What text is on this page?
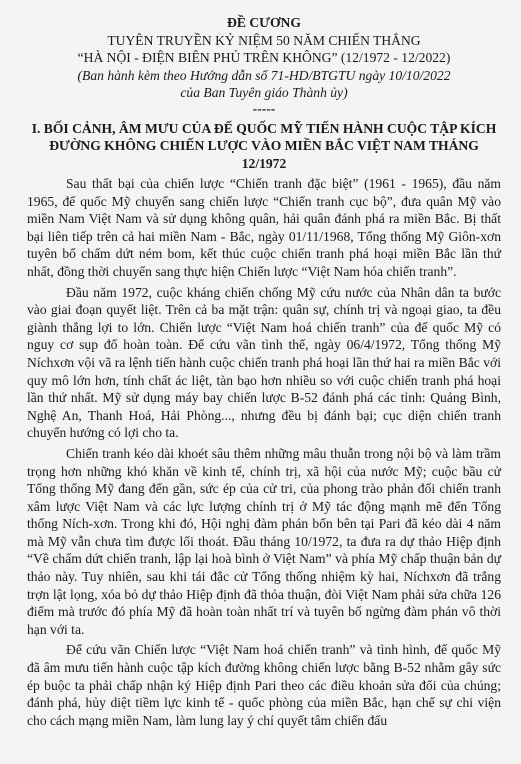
ĐỀ CƯƠNG
TUYÊN TRUYỀN KỶ NIỆM 50 NĂM CHIẾN THẮNG
“HÀ NỘI - ĐIỆN BIÊN PHỦ TRÊN KHÔNG” (12/1972 - 12/2022)
(Ban hành kèm theo Hướng dẫn số 71-HD/BTGTU ngày 10/10/2022
của Ban Tuyên giáo Thành ủy)
-----
I. BỐI CẢNH, ÂM MƯU CỦA ĐẾ QUỐC MỸ TIẾN HÀNH CUỘC TẬP KÍCH ĐƯỜNG KHÔNG CHIẾN LƯỢC VÀO MIỀN BẮC VIỆT NAM THÁNG 12/1972

Sau thất bại của chiến lược “Chiến tranh đặc biệt” (1961 - 1965), đầu năm 1965, đế quốc Mỹ chuyển sang chiến lược “Chiến tranh cục bộ”, đưa quân Mỹ vào miền Nam Việt Nam và sử dụng không quân, hải quân đánh phá ra miền Bắc. Bị thất bại liên tiếp trên cả hai miền Nam - Bắc, ngày 01/11/1968, Tổng thống Mỹ Giôn-xơn tuyên bố chấm dứt ném bom, kết thúc cuộc chiến tranh phá hoại miền Bắc lần thứ nhất, đồng thời chuyển sang thực hiện Chiến lược “Việt Nam hóa chiến tranh”.

Đầu năm 1972, cuộc kháng chiến chống Mỹ cứu nước của Nhân dân ta bước vào giai đoạn quyết liệt. Trên cả ba mặt trận: quân sự, chính trị và ngoại giao, ta đều giành thắng lợi to lớn. Chiến lược “Việt Nam hoá chiến tranh” của đế quốc Mỹ có nguy cơ sụp đổ hoàn toàn. Để cứu vãn tình thế, ngày 06/4/1972, Tổng thống Mỹ Níchxơn vội vã ra lệnh tiến hành cuộc chiến tranh phá hoại lần thứ hai ra miền Bắc với quy mô lớn hơn, tính chất ác liệt, tàn bạo hơn nhiều so với cuộc chiến tranh phá hoại lần thứ nhất. Mỹ sử dụng máy bay chiến lược B-52 đánh phá các tỉnh: Quảng Bình, Nghệ An, Thanh Hoá, Hải Phòng..., nhưng đều bị đánh bại; cục diện chiến tranh chuyển hướng có lợi cho ta.

Chiến tranh kéo dài khoét sâu thêm những mâu thuẫn trong nội bộ và làm trầm trọng hơn những khó khăn về kinh tế, chính trị, xã hội của nước Mỹ; cuộc bầu cử Tổng thống Mỹ đang đến gần, sức ép của cử tri, của phong trào phản đối chiến tranh xâm lược Việt Nam và các lực lượng chính trị ở Mỹ tác động mạnh mẽ đến Tổng thống Ních-xơn. Trong khi đó, Hội nghị đàm phán bốn bên tại Pari đã kéo dài 4 năm mà Mỹ vẫn chưa tìm được lối thoát. Đầu tháng 10/1972, ta đưa ra dự thảo Hiệp định “Về chấm dứt chiến tranh, lập lại hoà bình ở Việt Nam” và phía Mỹ chấp thuận bản dự thảo này. Tuy nhiên, sau khi tái đắc cử Tổng thống nhiệm kỳ hai, Níchxơn đã trắng trợn lật lọng, xóa bỏ dự thảo Hiệp định đã thỏa thuận, đòi Việt Nam phải sửa chữa 126 điểm mà trước đó phía Mỹ đã hoàn toàn nhất trí và tuyên bố ngừng đàm phán vô thời hạn với ta.

Để cứu vãn Chiến lược “Việt Nam hoá chiến tranh” và tình hình, đế quốc Mỹ đã âm mưu tiến hành cuộc tập kích đường không chiến lược bằng B-52 nhằm gây sức ép buộc ta phải chấp nhận ký Hiệp định Pari theo các điều khoản sửa đổi của chúng; đánh phá, hủy diệt tiềm lực kinh tế - quốc phòng của miền Bắc, hạn chế sự chi viện cho cách mạng miền Nam, làm lung lay ý chí quyết tâm chiến đấu
